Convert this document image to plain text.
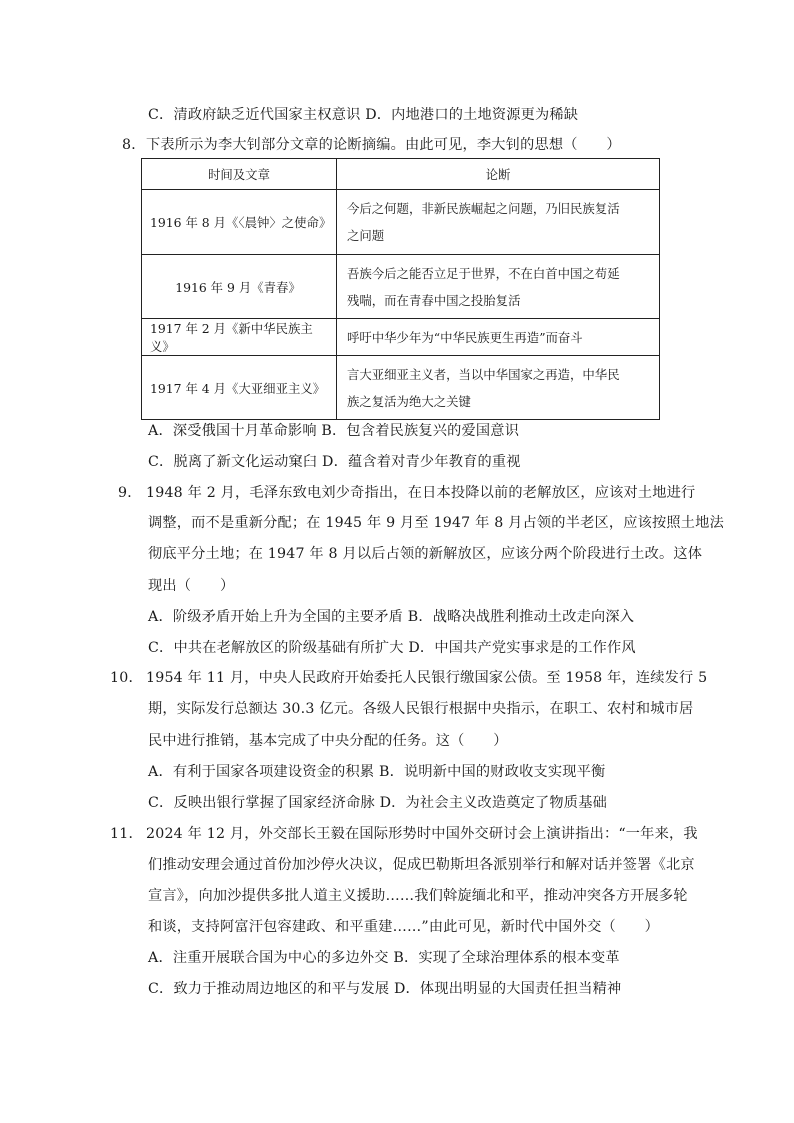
C．清政府缺乏近代国家主权意识 D．内地港口的土地资源更为稀缺
8． 下表所示为李大钊部分文章的论断摘编。由此可见，李大钊的思想（　　）
时间及文章	论断
1916 年 8 月《〈晨钟〉之使命》	今后之何题，非新民族崛起之问题，乃旧民族复活
之问题

1916 年 9 月《青春》	吾族今后之能否立足于世界，不在白首中国之苟延
残喘，而在青春中国之投胎复活

1917 年 2 月《新中华民族主义》	呼吁中华少年为“中华民族更生再造”而奋斗

1917 年 4 月《大亚细亚主义》	言大亚细亚主义者，当以中华国家之再造，中华民
族之复活为绝大之关键
A．深受俄国十月革命影响 B．包含着民族复兴的爱国意识
C．脱离了新文化运动窠臼 D．蕴含着对青少年教育的重视
9． 1948 年 2 月，毛泽东致电刘少奇指出，在日本投降以前的老解放区，应该对土地进行
调整，而不是重新分配；在 1945 年 9 月至 1947 年 8 月占领的半老区，应该按照土地法
彻底平分土地；在 1947 年 8 月以后占领的新解放区，应该分两个阶段进行土改。这体
现出（　　）
A．阶级矛盾开始上升为全国的主要矛盾 B．战略决战胜利推动土改走向深入
C．中共在老解放区的阶级基础有所扩大 D．中国共产党实事求是的工作作风
10． 1954 年 11 月，中央人民政府开始委托人民银行缴国家公债。至 1958 年，连续发行 5
期，实际发行总额达 30.3 亿元。各级人民银行根据中央指示，在职工、农村和城市居
民中进行推销，基本完成了中央分配的任务。这（　　）
A．有利于国家各项建设资金的积累 B．说明新中国的财政收支实现平衡
C．反映出银行掌握了国家经济命脉 D．为社会主义改造奠定了物质基础
11． 2024 年 12 月，外交部长王毅在国际形势时中国外交研讨会上演讲指出：“一年来，我
们推动安理会通过首份加沙停火决议，促成巴勒斯坦各派别举行和解对话并签署《北京
宣言》，向加沙提供多批人道主义援助……我们斡旋缅北和平，推动冲突各方开展多轮
和谈，支持阿富汗包容建政、和平重建……”由此可见，新时代中国外交（　　）
A．注重开展联合国为中心的多边外交 B．实现了全球治理体系的根本变革
C．致力于推动周边地区的和平与发展 D．体现出明显的大国责任担当精神
